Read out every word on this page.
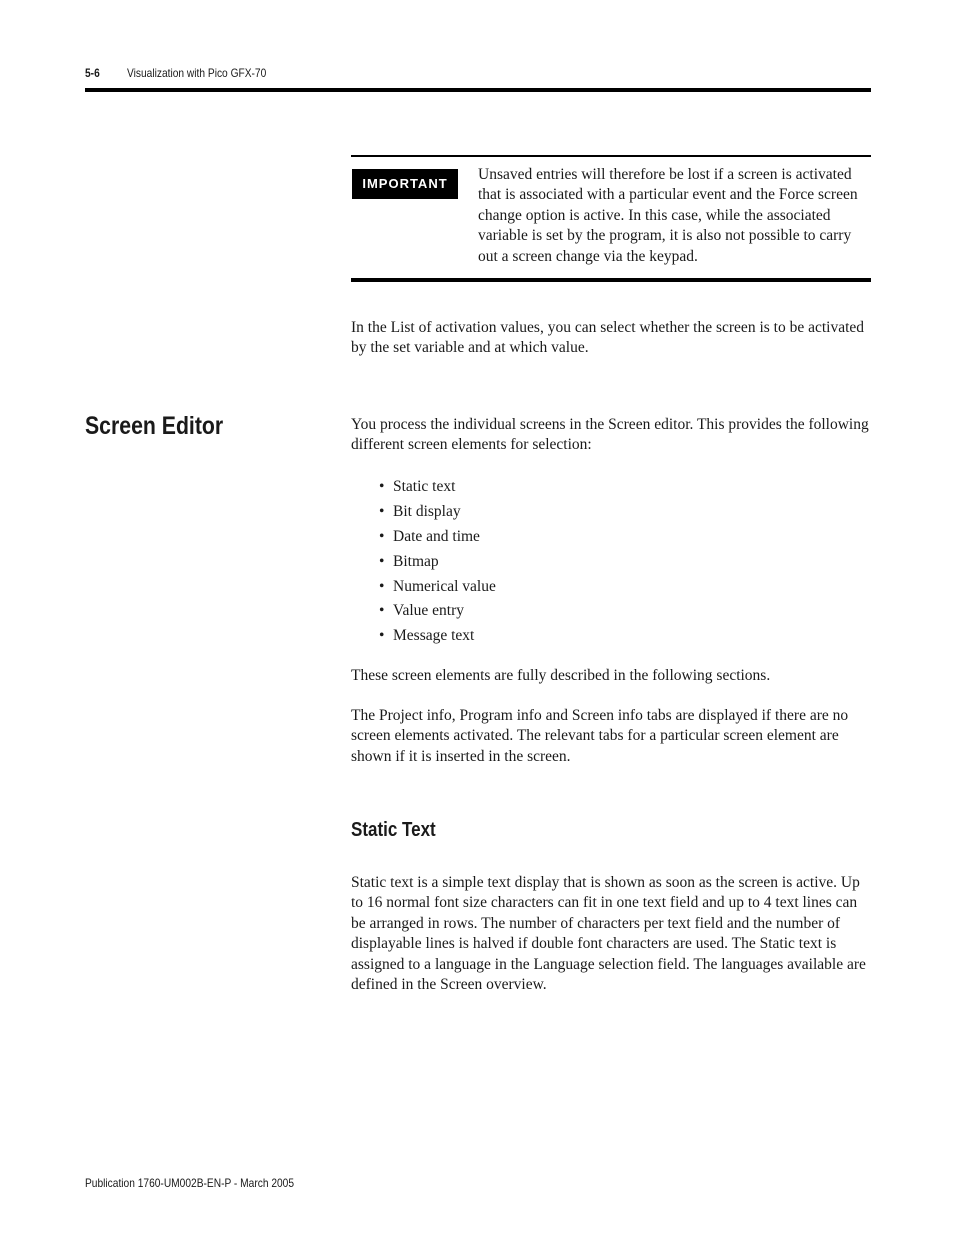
5-6 Visualization with Pico GFX-70
IMPORTANT

Unsaved entries will therefore be lost if a screen is activated that is associated with a particular event and the Force screen change option is active. In this case, while the associated variable is set by the program, it is also not possible to carry out a screen change via the keypad.

In the List of activation values, you can select whether the screen is to be activated by the set variable and at which value.

Screen Editor	You process the individual screens in the Screen editor. This provides the following different screen elements for selection:

• Static text
• Bit display
• Date and time
• Bitmap
• Numerical value
• Value entry
• Message text

These screen elements are fully described in the following sections.

The Project info, Program info and Screen info tabs are displayed if there are no screen elements activated. The relevant tabs for a particular screen element are shown if it is inserted in the screen.

Static Text

Static text is a simple text display that is shown as soon as the screen is active. Up to 16 normal font size characters can fit in one text field and up to 4 text lines can be arranged in rows. The number of characters per text field and the number of displayable lines is halved if double font characters are used. The Static text is assigned to a language in the Language selection field. The languages available are defined in the Screen overview.

Publication 1760-UM002B-EN-P - March 2005
